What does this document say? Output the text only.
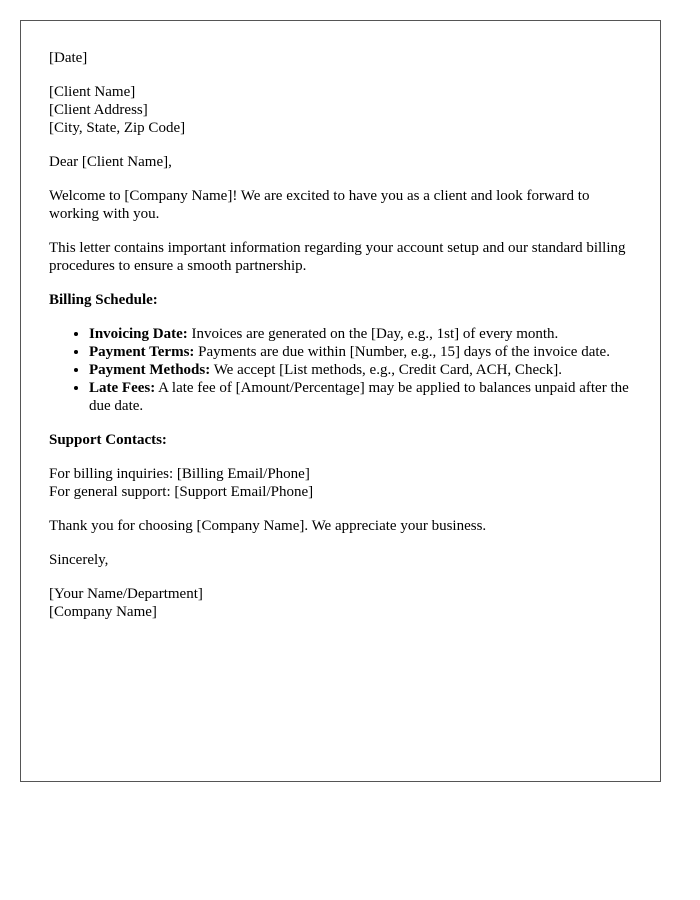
[Date]

[Client Name]
[Client Address]
[City, State, Zip Code]

Dear [Client Name],

Welcome to [Company Name]! We are excited to have you as a client and look forward to working with you.

This letter contains important information regarding your account setup and our standard billing procedures to ensure a smooth partnership.

Billing Schedule:

• Invoicing Date: Invoices are generated on the [Day, e.g., 1st] of every month.
• Payment Terms: Payments are due within [Number, e.g., 15] days of the invoice date.
• Payment Methods: We accept [List methods, e.g., Credit Card, ACH, Check].
• Late Fees: A late fee of [Amount/Percentage] may be applied to balances unpaid after the due date.

Support Contacts:

For billing inquiries: [Billing Email/Phone]
For general support: [Support Email/Phone]

Thank you for choosing [Company Name]. We appreciate your business.

Sincerely,

[Your Name/Department]
[Company Name]
